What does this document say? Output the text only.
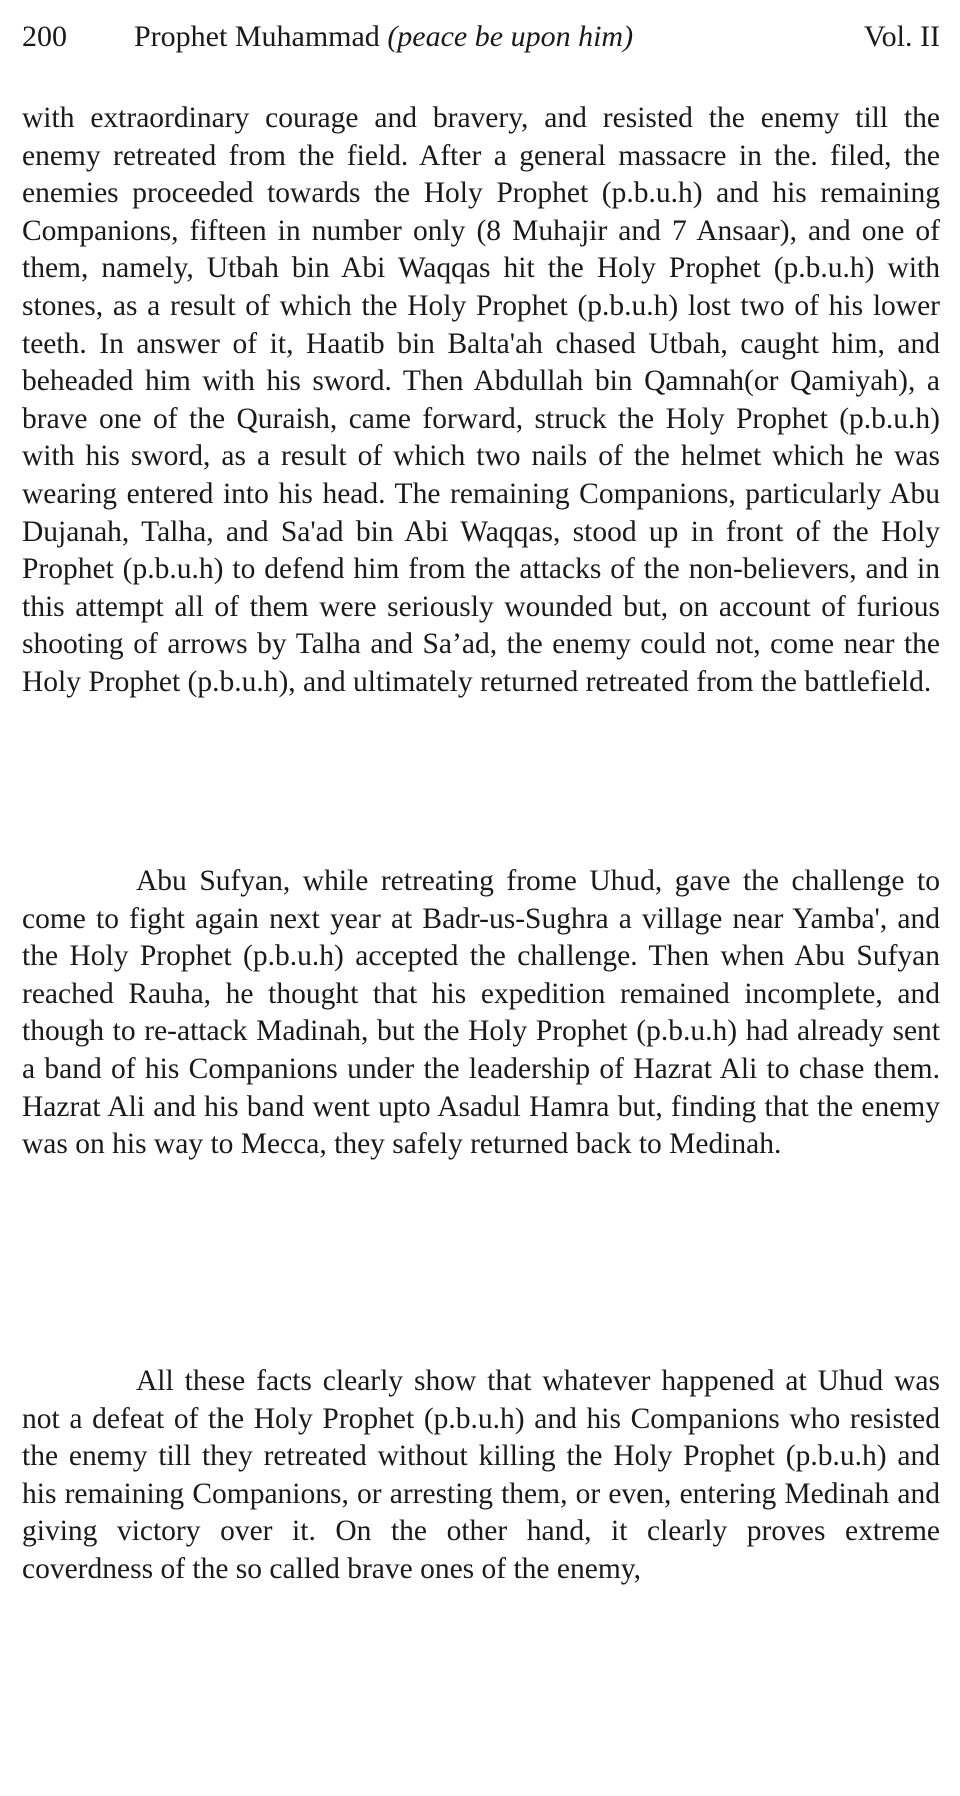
200 Prophet Muhammad (peace be upon him)	Vol. II

with extraordinary courage and bravery, and resisted the enemy till the enemy retreated from the field. After a general massacre in the. filed, the enemies proceeded towards the Holy Prophet (p.b.u.h) and his remaining Companions, fifteen in number only (8 Muhajir and 7 Ansaar), and one of them, namely, Utbah bin Abi Waqqas hit the Holy Prophet (p.b.u.h) with stones, as a result of which the Holy Prophet (p.b.u.h) lost two of his lower teeth. In answer of it, Haatib bin Balta'ah chased Utbah, caught him, and beheaded him with his sword. Then Abdullah bin Qamnah(or Qamiyah), a brave one of the Quraish, came forward, struck the Holy Prophet (p.b.u.h) with his sword, as a result of which two nails of the helmet which he was wearing entered into his head. The remaining Companions, particularly Abu Dujanah, Talha, and Sa'ad bin Abi Waqqas, stood up in front of the Holy Prophet (p.b.u.h) to defend him from the attacks of the non-believers, and in this attempt all of them were seriously wounded but, on account of furious shooting of arrows by Talha and Sa’ad, the enemy could not, come near the Holy Prophet (p.b.u.h), and ultimately returned retreated from the battlefield.

Abu Sufyan, while retreating frome Uhud, gave the challenge to come to fight again next year at Badr-us-Sughra a village near Yamba', and the Holy Prophet (p.b.u.h) accepted the challenge. Then when Abu Sufyan reached Rauha, he thought that his expedition remained incomplete, and though to re-attack Madinah, but the Holy Prophet (p.b.u.h) had already sent a band of his Companions under the leadership of Hazrat Ali to chase them. Hazrat Ali and his band went upto Asadul Hamra but, finding that the enemy was on his way to Mecca, they safely returned back to Medinah.

All these facts clearly show that whatever happened at Uhud was not a defeat of the Holy Prophet (p.b.u.h) and his Companions who resisted the enemy till they retreated without killing the Holy Prophet (p.b.u.h) and his remaining Companions, or arresting them, or even, entering Medinah and giving victory over it. On the other hand, it clearly proves extreme coverdness of the so called brave ones of the enemy,
